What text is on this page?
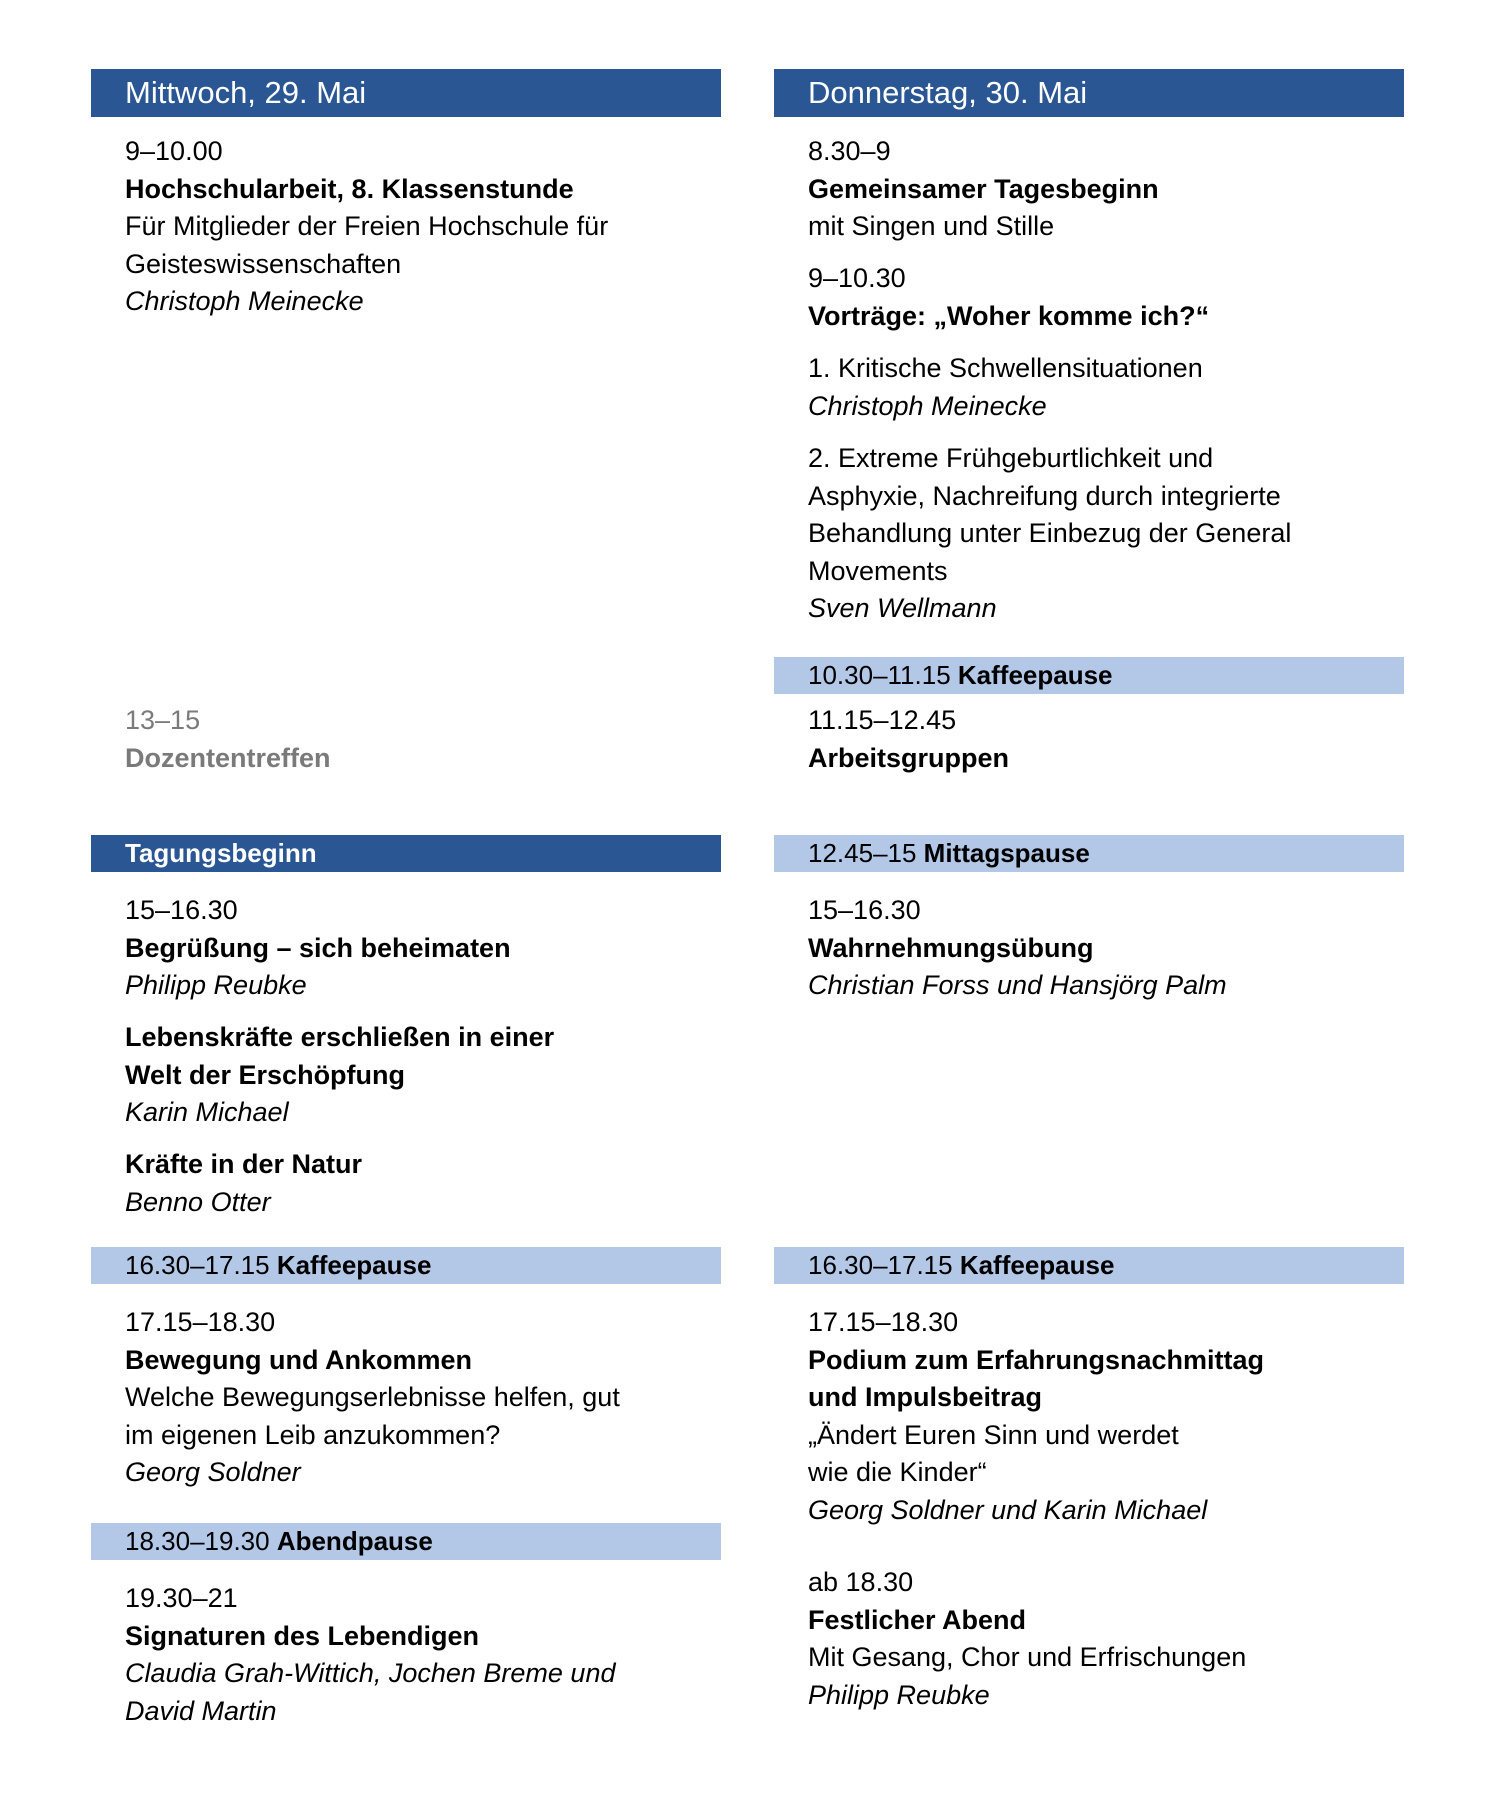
Mittwoch, 29. Mai
9–10.00
Hochschularbeit, 8. Klassenstunde
Für Mitglieder der Freien Hochschule für
Geisteswissenschaften
Christoph Meinecke
13–15
Dozententreffen
Tagungsbeginn
15–16.30
Begrüßung – sich beheimaten
Philipp Reubke
Lebenskräfte erschließen in einer
Welt der Erschöpfung
Karin Michael
Kräfte in der Natur
Benno Otter
16.30–17.15 Kaffeepause
17.15–18.30
Bewegung und Ankommen
Welche Bewegungserlebnisse helfen, gut
im eigenen Leib anzukommen?
Georg Soldner
18.30–19.30 Abendpause
19.30–21
Signaturen des Lebendigen
Claudia Grah-Wittich, Jochen Breme und
David Martin
Donnerstag, 30. Mai
8.30–9
Gemeinsamer Tagesbeginn
mit Singen und Stille
9–10.30
Vorträge: „Woher komme ich?“
1. Kritische Schwellensituationen
Christoph Meinecke
2. Extreme Frühgeburtlichkeit und
Asphyxie, Nachreifung durch integrierte
Behandlung unter Einbezug der General
Movements
Sven Wellmann
10.30–11.15 Kaffeepause
11.15–12.45
Arbeitsgruppen
12.45–15 Mittagspause
15–16.30
Wahrnehmungsübung
Christian Forss und Hansjörg Palm
16.30–17.15 Kaffeepause
17.15–18.30
Podium zum Erfahrungsnachmittag
und Impulsbeitrag
„Ändert Euren Sinn und werdet
wie die Kinder“
Georg Soldner und Karin Michael
ab 18.30
Festlicher Abend
Mit Gesang, Chor und Erfrischungen
Philipp Reubke
